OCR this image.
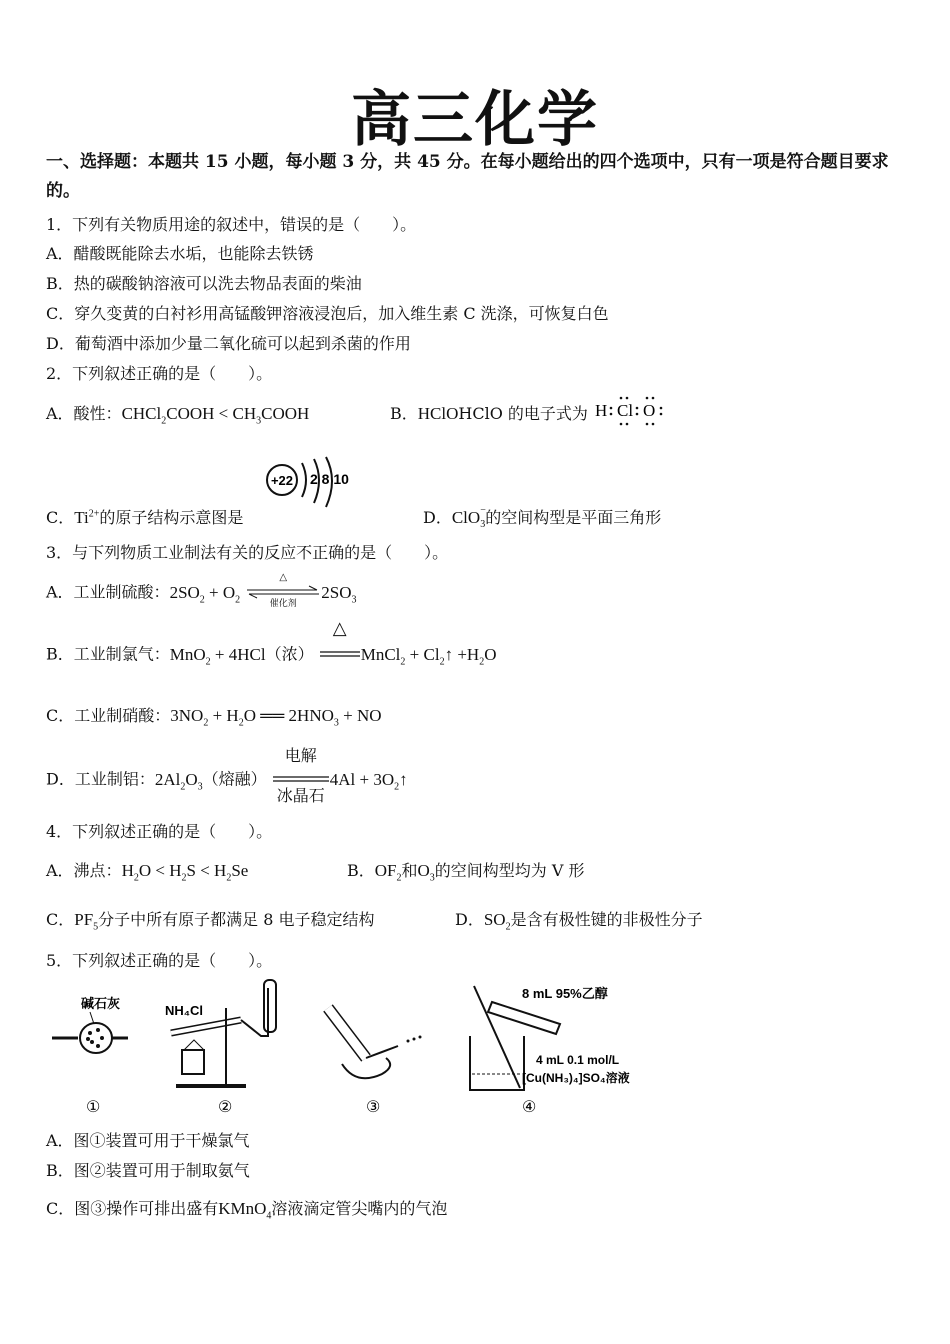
高三化学
一、选择题：本题共 15 小题，每小题 3 分，共 45 分。在每小题给出的四个选项中，只有一项是符合题目要求的。
1．下列有关物质用途的叙述中，错误的是（　　）。
A．醋酸既能除去水垢，也能除去铁锈
B．热的碳酸钠溶液可以洗去物品表面的柴油
C．穿久变黄的白衬衫用高锰酸钾溶液浸泡后，加入维生素 C 洗涤，可恢复白色
D．葡萄酒中添加少量二氧化硫可以起到杀菌的作用
2．下列叙述正确的是（　　）。
A．酸性：CHCl$_2$COOH < $CH_3COOH$	B．HClOHClO 的电子式为 H Cl O
+22 2 8 10
C．$Ti^{2+}$的原子结构示意图是	D．ClO $_{- 3}$的空间构型是平面三角形
3．与下列物质工业制法有关的反应不正确的是（　　）。
A．工业制硫酸：$2SO_2 + O_2$
△
催化剂
$2SO_3$
B．工业制氯气：MnO$_2$ + 4HCl（浓）
△
MnCl$_2$ + $Cl_2↑ +H_2O$
C．工业制硝酸：$3NO_2 + H_2O$ ══ $2HNO_3$ + NO
D．工业制铝：$2Al_2O_3$（熔融）
电解
冰晶石
$4Al + 3O_2↑$
4．下列叙述正确的是（　　）。
A．沸点：$H_2O < H_2S < H_2Se$	B．$OF_2$和$O_3$的空间构型均为 V 形
C．$PF_5$分子中所有原子都满足 8 电子稳定结构	D．$SO_2$是含有极性键的非极性分子
5．下列叙述正确的是（　　）。
碱石灰
①
NH₄Cl
②	③
8 mL 95%乙醇
4 mL 0.1 mol/L
[Cu(NH₃)₄]SO₄溶液
④
A．图①装置可用于干燥氯气
B．图②装置可用于制取氨气
C．图③操作可排出盛有KMnO$_4$溶液滴定管尖嘴内的气泡
